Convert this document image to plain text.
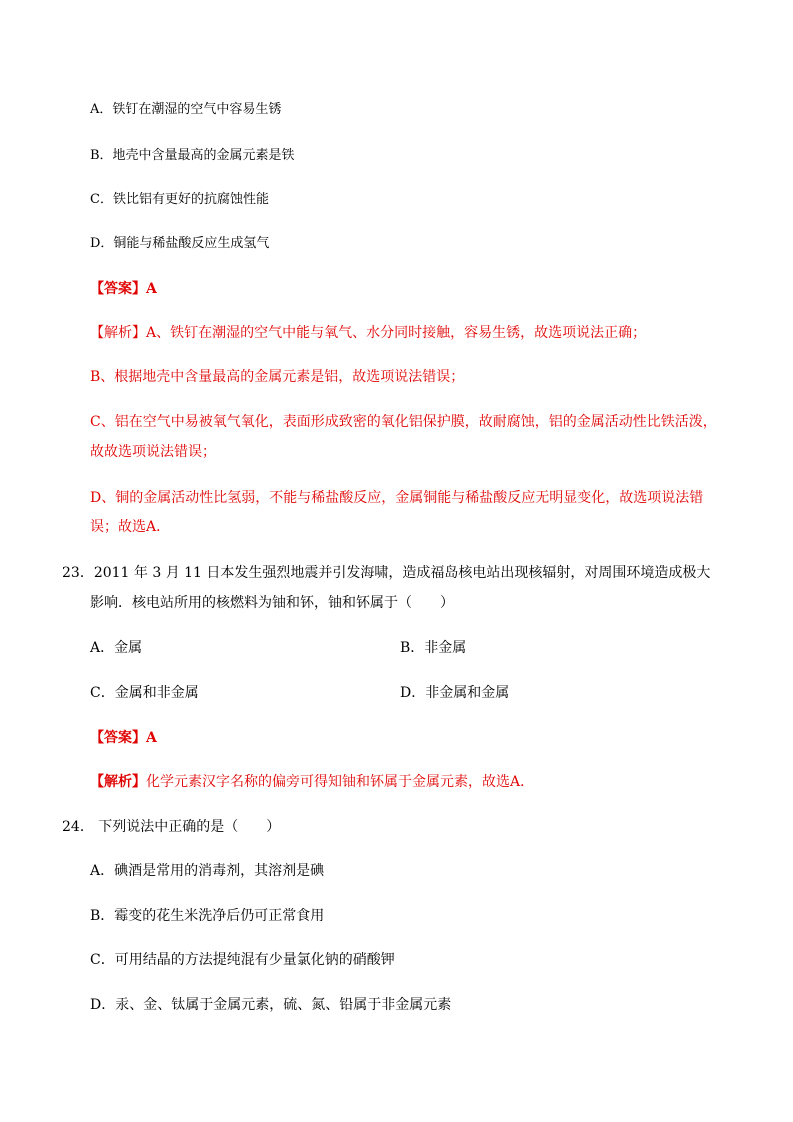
A．铁钉在潮湿的空气中容易生锈
B．地壳中含量最高的金属元素是铁
C．铁比铝有更好的抗腐蚀性能
D．铜能与稀盐酸反应生成氢气
【答案】A
【解析】A、铁钉在潮湿的空气中能与氧气、水分同时接触，容易生锈，故选项说法正确；
B、根据地壳中含量最高的金属元素是铝，故选项说法错误；
C、铝在空气中易被氧气氧化，表面形成致密的氧化铝保护膜，故耐腐蚀，铝的金属活动性比铁活泼，
故故选项说法错误；
D、铜的金属活动性比氢弱，不能与稀盐酸反应，金属铜能与稀盐酸反应无明显变化，故选项说法错
误；故选A．
23．2011 年 3 月 11 日本发生强烈地震并引发海啸，造成福岛核电站出现核辐射，对周围环境造成极大
影响．核电站所用的核燃料为铀和钚，铀和钚属于（　　）
A．金属	B．非金属
C．金属和非金属	D．非金属和金属
【答案】A
【解析】化学元素汉字名称的偏旁可得知铀和钚属于金属元素，故选A．
24． 下列说法中正确的是（　　）
A．碘酒是常用的消毒剂，其溶剂是碘
B．霉变的花生米洗净后仍可正常食用
C．可用结晶的方法提纯混有少量氯化钠的硝酸钾
D．汞、金、钛属于金属元素，硫、氮、铅属于非金属元素
